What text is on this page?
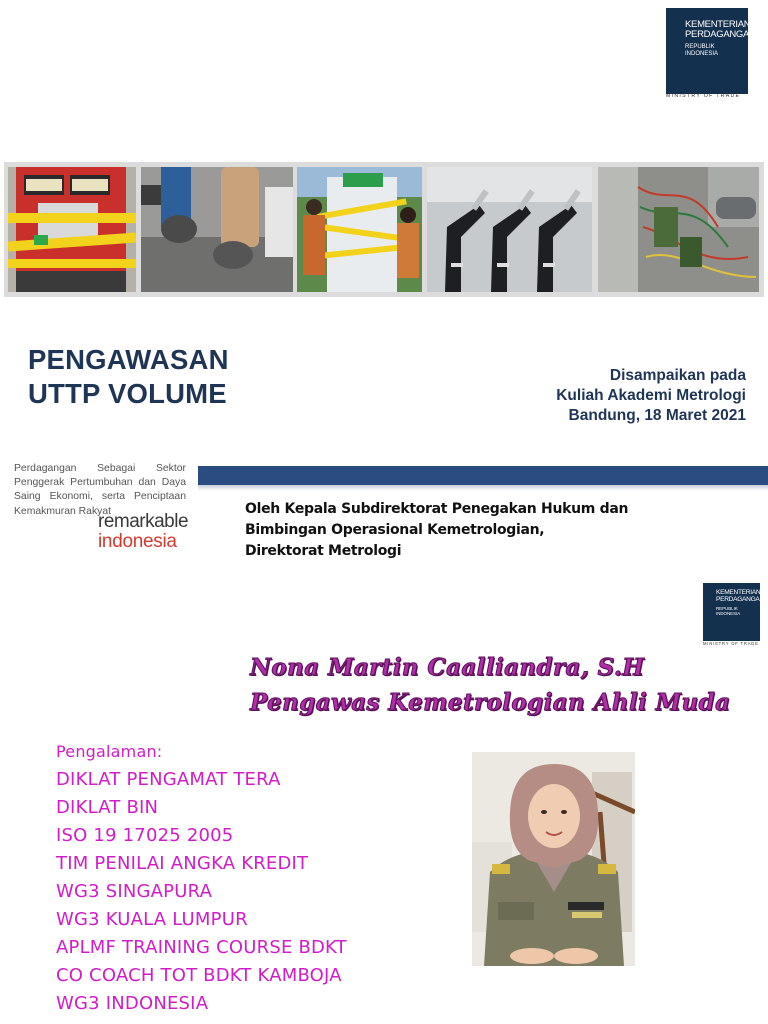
KEMENTERIAN
PERDAGANGAN
REPUBLIK INDONESIA
MINISTRY OF TRADE
PENGAWASAN
UTTP VOLUME
Disampaikan pada
Kuliah Akademi Metrologi
Bandung, 18 Maret 2021
Perdagangan Sebagai Sektor Penggerak Pertumbuhan dan Daya Saing Ekonomi, serta Penciptaan Kemakmuran Rakyat
remarkable
indonesia
Oleh Kepala Subdirektorat Penegakan Hukum dan
Bimbingan Operasional Kemetrologian,
Direktorat Metrologi
KEMENTERIAN
PERDAGANGAN
REPUBLIK INDONESIA
MINISTRY OF TRADE
Nona Martin Caalliandra, S.H
Pengawas Kemetrologian Ahli Muda
Pengalaman:
DIKLAT PENGAMAT TERA
DIKLAT BIN
ISO 19 17025 2005
TIM PENILAI ANGKA KREDIT
WG3 SINGAPURA
WG3 KUALA LUMPUR
APLMF TRAINING COURSE BDKT
CO COACH TOT BDKT KAMBOJA
WG3 INDONESIA
